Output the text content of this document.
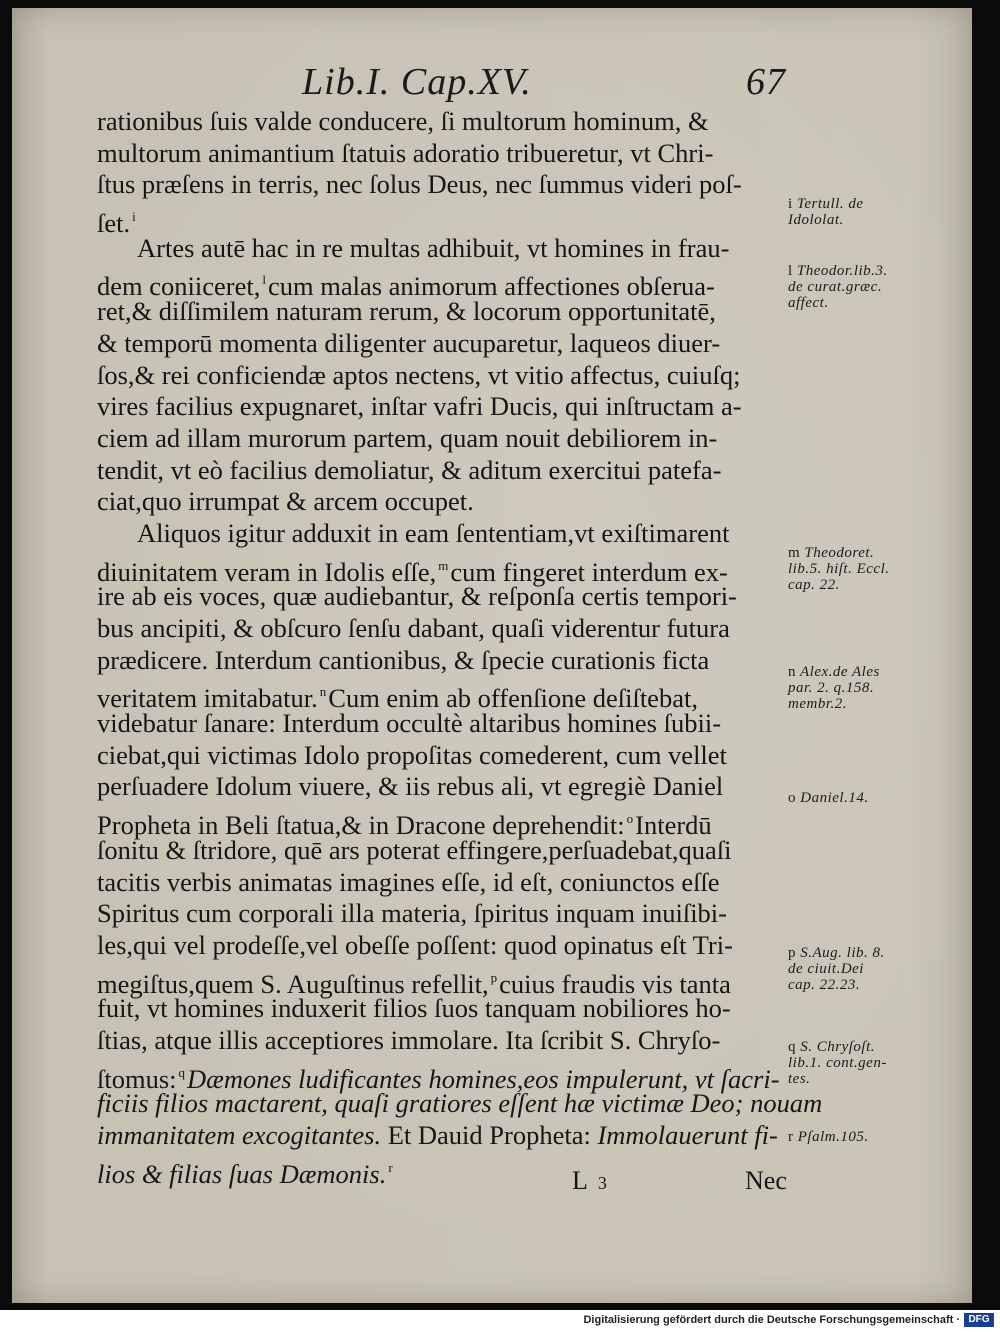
Lib.I. Cap.XV.	67
rationibus ſuis valde conducere, ſi multorum hominum, &
multorum animantium ſtatuis adoratio tribueretur, vt Chri-
ſtus præſens in terris, nec ſolus Deus, nec ſummus videri poſ-
ſet. $^i$
Artes autē hac in re multas adhibuit, vt homines in frau-
dem coniiceret, $^l$cum malas animorum affectiones obſerua-
ret,& diſſimilem naturam rerum, & locorum opportunitatē,
& temporū momenta diligenter aucuparetur, laqueos diuer-
ſos,& rei conficiendæ aptos nectens, vt vitio affectus, cuiuſq;
vires facilius expugnaret, inſtar vafri Ducis, qui inſtructam a-
ciem ad illam murorum partem, quam nouit debiliorem in-
tendit, vt eò facilius demoliatur, & aditum exercitui patefa-
ciat,quo irrumpat & arcem occupet.
Aliquos igitur adduxit in eam ſententiam,vt exiſtimarent
diuinitatem veram in Idolis eſſe, $^m$cum fingeret interdum ex-
ire ab eis voces, quæ audiebantur, & reſponſa certis tempori-
bus ancipiti, & obſcuro ſenſu dabant, quaſi viderentur futura
prædicere. Interdum cantionibus, & ſpecie curationis ficta
veritatem imitabatur. $^n$Cum enim ab offenſione deſiſtebat,
videbatur ſanare: Interdum occultè altaribus homines ſubii-
ciebat,qui victimas Idolo propoſitas comederent, cum vellet
perſuadere Idolum viuere, & iis rebus ali, vt egregiè Daniel
Propheta in Beli ſtatua,& in Dracone deprehendit: $^o$Interdū
ſonitu & ſtridore, quē ars poterat effingere,perſuadebat,quaſi
tacitis verbis animatas imagines eſſe, id eſt, coniunctos eſſe
Spiritus cum corporali illa materia, ſpiritus inquam inuiſibi-
les,qui vel prodeſſe,vel obeſſe poſſent: quod opinatus eſt Tri-
megiſtus,quem S. Auguſtinus refellit, $^p$cuius fraudis vis tanta
fuit, vt homines induxerit filios ſuos tanquam nobiliores ho-
ſtias, atque illis acceptiores immolare. Ita ſcribit S. Chryſo-
ſtomus: $^q$Dæmones ludificantes homines,eos impulerunt, vt ſacri-
ficiis filios mactarent, quaſi gratiores eſſent hæ victimæ Deo; nouam
immanitatem excogitantes. Et Dauid Propheta: Immolauerunt fi-
lios & filias ſuas Dæmonis. $^r$
i Tertull. de
Idololat.
l Theodor.lib.3.
de curat.græc.
affect.
m Theodoret.
lib.5. hiſt. Eccl.
cap. 22.
n Alex.de Ales
par. 2. q.158.
membr.2.
o Daniel.14.
p S.Aug. lib. 8.
de ciuit.Dei
cap. 22.23.
q S. Chryſoſt.
lib.1. cont.gen-
tes.
r Pſalm.105.
L 3	Nec
Digitalisierung gefördert durch die Deutsche Forschungsgemeinschaft · DFG
